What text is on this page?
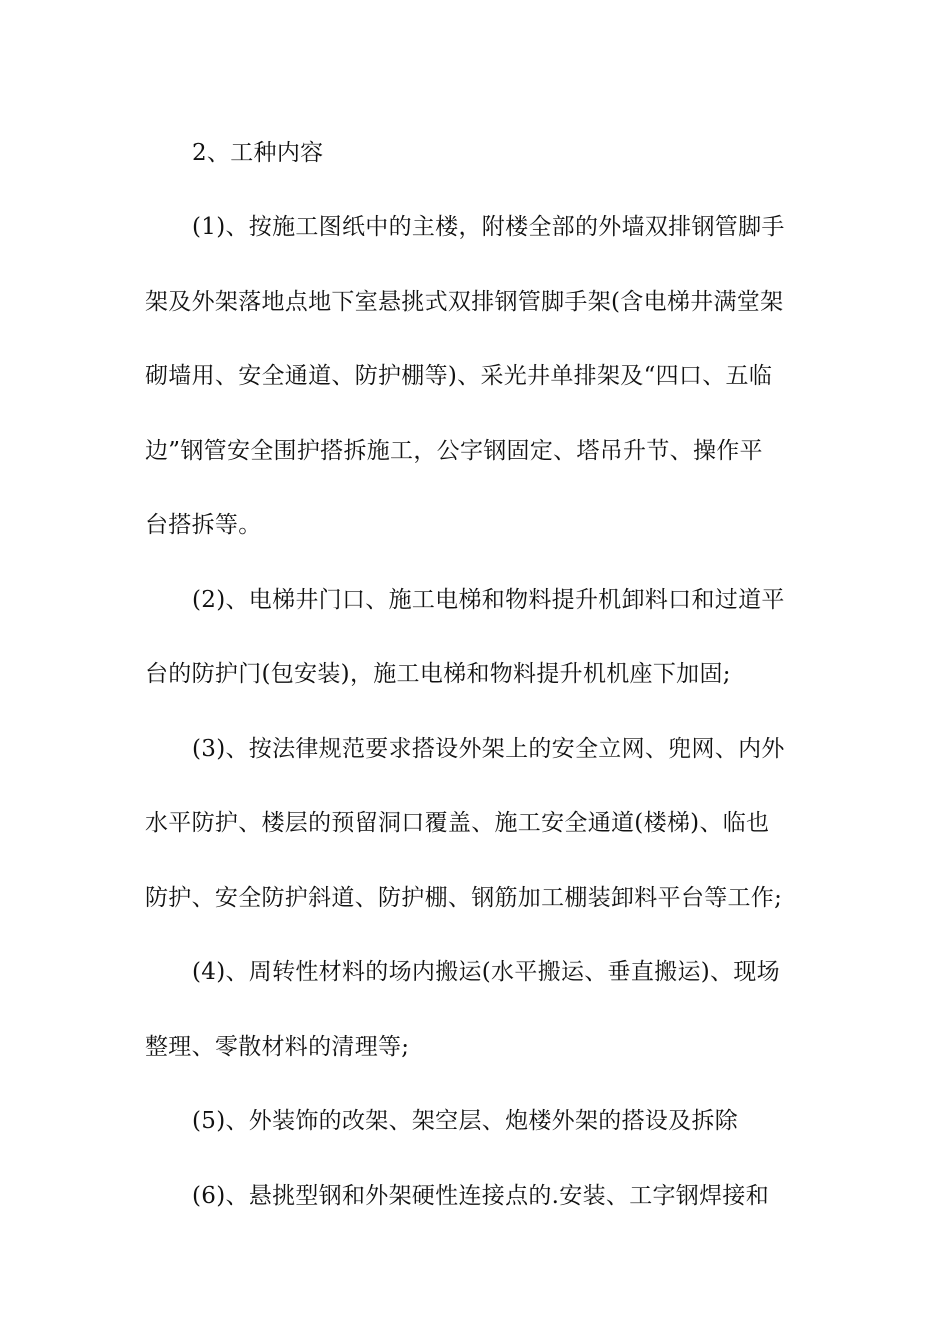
2、工种内容
(1)、按施工图纸中的主楼，附楼全部的外墙双排钢管脚手
架及外架落地点地下室悬挑式双排钢管脚手架(含电梯井满堂架
砌墙用、安全通道、防护棚等)、采光井单排架及“四口、五临
边”钢管安全围护搭拆施工，公字钢固定、塔吊升节、操作平
台搭拆等。
(2)、电梯井门口、施工电梯和物料提升机卸料口和过道平
台的防护门(包安装)，施工电梯和物料提升机机座下加固;
(3)、按法律规范要求搭设外架上的安全立网、兜网、内外
水平防护、楼层的预留洞口覆盖、施工安全通道(楼梯)、临也
防护、安全防护斜道、防护棚、钢筋加工棚装卸料平台等工作;
(4)、周转性材料的场内搬运(水平搬运、垂直搬运)、现场
整理、零散材料的清理等;
(5)、外装饰的改架、架空层、炮楼外架的搭设及拆除
(6)、悬挑型钢和外架硬性连接点的.安装、工字钢焊接和
